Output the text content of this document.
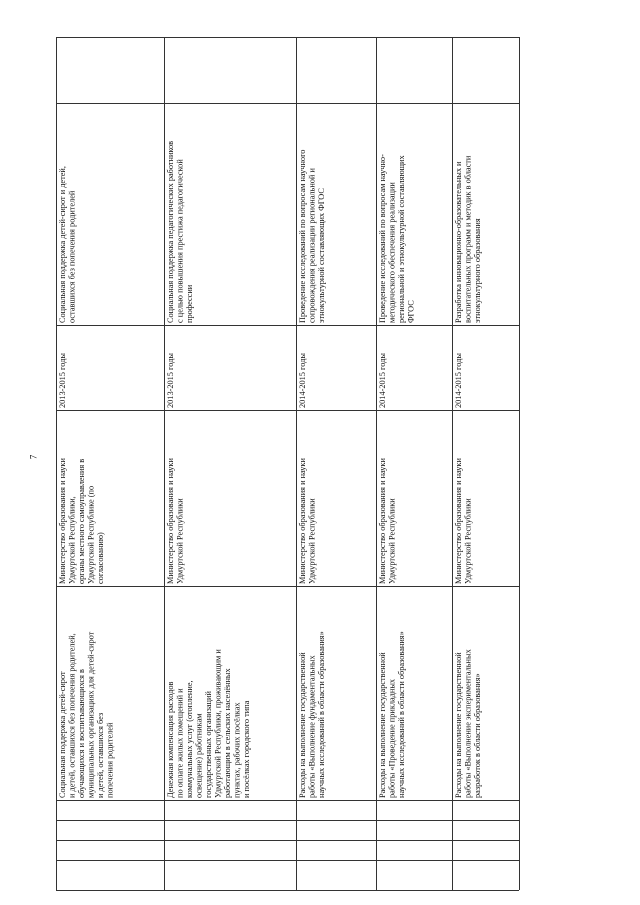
7
Социальная поддержка детей-сирот и детей,
оставшихся без попечения родителей
2013-2015 годы
Министерство образования и науки
Удмуртской Республики,
органы местного самоуправления в
Удмуртской Республике (по
согласованию)
Социальная поддержка детей-сирот
и детей, оставшихся без попечения родителей,
обучающихся и воспитывающихся в
муниципальных организациях для детей-сирот
и детей, оставшихся без
попечения родителей
Социальная поддержка педагогических работников
с целью повышения престижа педагогической
профессии
2013-2015 годы
Министерство образования и науки
Удмуртской Республики
Денежная компенсация расходов
по оплате жилых помещений и
коммунальных услуг (отопление,
освещение) работникам
государственных организаций
Удмуртской Республики, проживающим и
работающим в сельских населённых
пунктах, рабочих посёлках
и посёлках городского типа
Проведение исследований по вопросам научного
сопровождения реализации региональной и
этнокультурной составляющих ФГОС
2014-2015 годы
Министерство образования и науки
Удмуртской Республики
Расходы на выполнение государственной
работы «Выполнение фундаментальных
научных исследований в области образования»
Проведение исследований по вопросам научно-
методического обеспечения реализации
региональной и этнокультурной составляющих
ФГОС
2014-2015 годы
Министерство образования и науки
Удмуртской Республики
Расходы на выполнение государственной
работы «Проведение прикладных
научных исследований в области образования»
Разработка инновационно-образовательных и
воспитательных программ и методик в области
этнокультурного образования
2014-2015 годы
Министерство образования и науки
Удмуртской Республики
Расходы на выполнение государственной
работы «Выполнение экспериментальных
разработок в области образования»
